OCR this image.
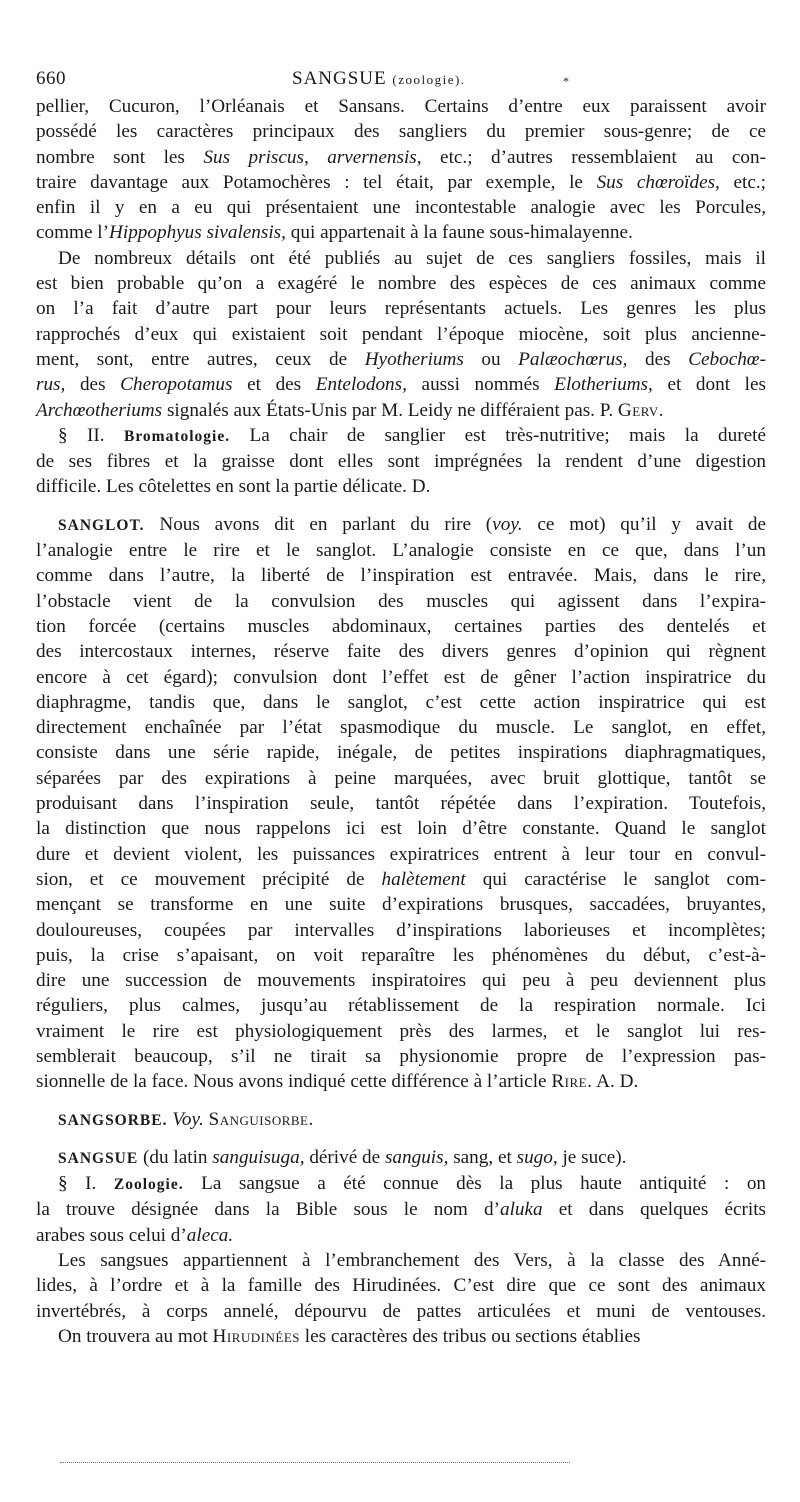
660	SANGSUE (zoologie).	*
pellier, Cucuron, l’Orléanais et Sansans. Certains d’entre eux paraissent avoir
possédé les caractères principaux des sangliers du premier sous-genre; de ce
nombre sont les Sus priscus, arvernensis, etc.; d’autres ressemblaient au con-
traire davantage aux Potamochères : tel était, par exemple, le Sus chœroïdes, etc.;
enfin il y en a eu qui présentaient une incontestable analogie avec les Porcules,
comme l’Hippophyus sivalensis, qui appartenait à la faune sous-himalayenne.
De nombreux détails ont été publiés au sujet de ces sangliers fossiles, mais il
est bien probable qu’on a exagéré le nombre des espèces de ces animaux comme
on l’a fait d’autre part pour leurs représentants actuels. Les genres les plus
rapprochés d’eux qui existaient soit pendant l’époque miocène, soit plus ancienne-
ment, sont, entre autres, ceux de Hyotheriums ou Palæochœrus, des Cebochœ-
rus, des Cheropotamus et des Entelodons, aussi nommés Elotheriums, et dont les
Archœotheriums signalés aux États-Unis par M. Leidy ne différaient pas. P. Gerv.
§ II. Bromatologie. La chair de sanglier est très-nutritive; mais la dureté
de ses fibres et la graisse dont elles sont imprégnées la rendent d’une digestion
difficile. Les côtelettes en sont la partie délicate. D.
SANGLOT. Nous avons dit en parlant du rire (voy. ce mot) qu’il y avait de
l’analogie entre le rire et le sanglot. L’analogie consiste en ce que, dans l’un
comme dans l’autre, la liberté de l’inspiration est entravée. Mais, dans le rire,
l’obstacle vient de la convulsion des muscles qui agissent dans l’expira-
tion forcée (certains muscles abdominaux, certaines parties des dentelés et
des intercostaux internes, réserve faite des divers genres d’opinion qui règnent
encore à cet égard); convulsion dont l’effet est de gêner l’action inspiratrice du
diaphragme, tandis que, dans le sanglot, c’est cette action inspiratrice qui est
directement enchaînée par l’état spasmodique du muscle. Le sanglot, en effet,
consiste dans une série rapide, inégale, de petites inspirations diaphragmatiques,
séparées par des expirations à peine marquées, avec bruit glottique, tantôt se
produisant dans l’inspiration seule, tantôt répétée dans l’expiration. Toutefois,
la distinction que nous rappelons ici est loin d’être constante. Quand le sanglot
dure et devient violent, les puissances expiratrices entrent à leur tour en convul-
sion, et ce mouvement précipité de halètement qui caractérise le sanglot com-
mençant se transforme en une suite d’expirations brusques, saccadées, bruyantes,
douloureuses, coupées par intervalles d’inspirations laborieuses et incomplètes;
puis, la crise s’apaisant, on voit reparaître les phénomènes du début, c’est-à-
dire une succession de mouvements inspiratoires qui peu à peu deviennent plus
réguliers, plus calmes, jusqu’au rétablissement de la respiration normale. Ici
vraiment le rire est physiologiquement près des larmes, et le sanglot lui res-
semblerait beaucoup, s’il ne tirait sa physionomie propre de l’expression pas-
sionnelle de la face. Nous avons indiqué cette différence à l’article Rire. A. D.
SANGSORBE. Voy. Sanguisorbe.
SANGSUE (du latin sanguisuga, dérivé de sanguis, sang, et sugo, je suce).
§ I. Zoologie. La sangsue a été connue dès la plus haute antiquité : on
la trouve désignée dans la Bible sous le nom d’aluka et dans quelques écrits
arabes sous celui d’aleca.
Les sangsues appartiennent à l’embranchement des Vers, à la classe des Anné-
lides, à l’ordre et à la famille des Hirudinées. C’est dire que ce sont des animaux
invertébrés, à corps annelé, dépourvu de pattes articulées et muni de ventouses.
On trouvera au mot Hirudinées les caractères des tribus ou sections établies
